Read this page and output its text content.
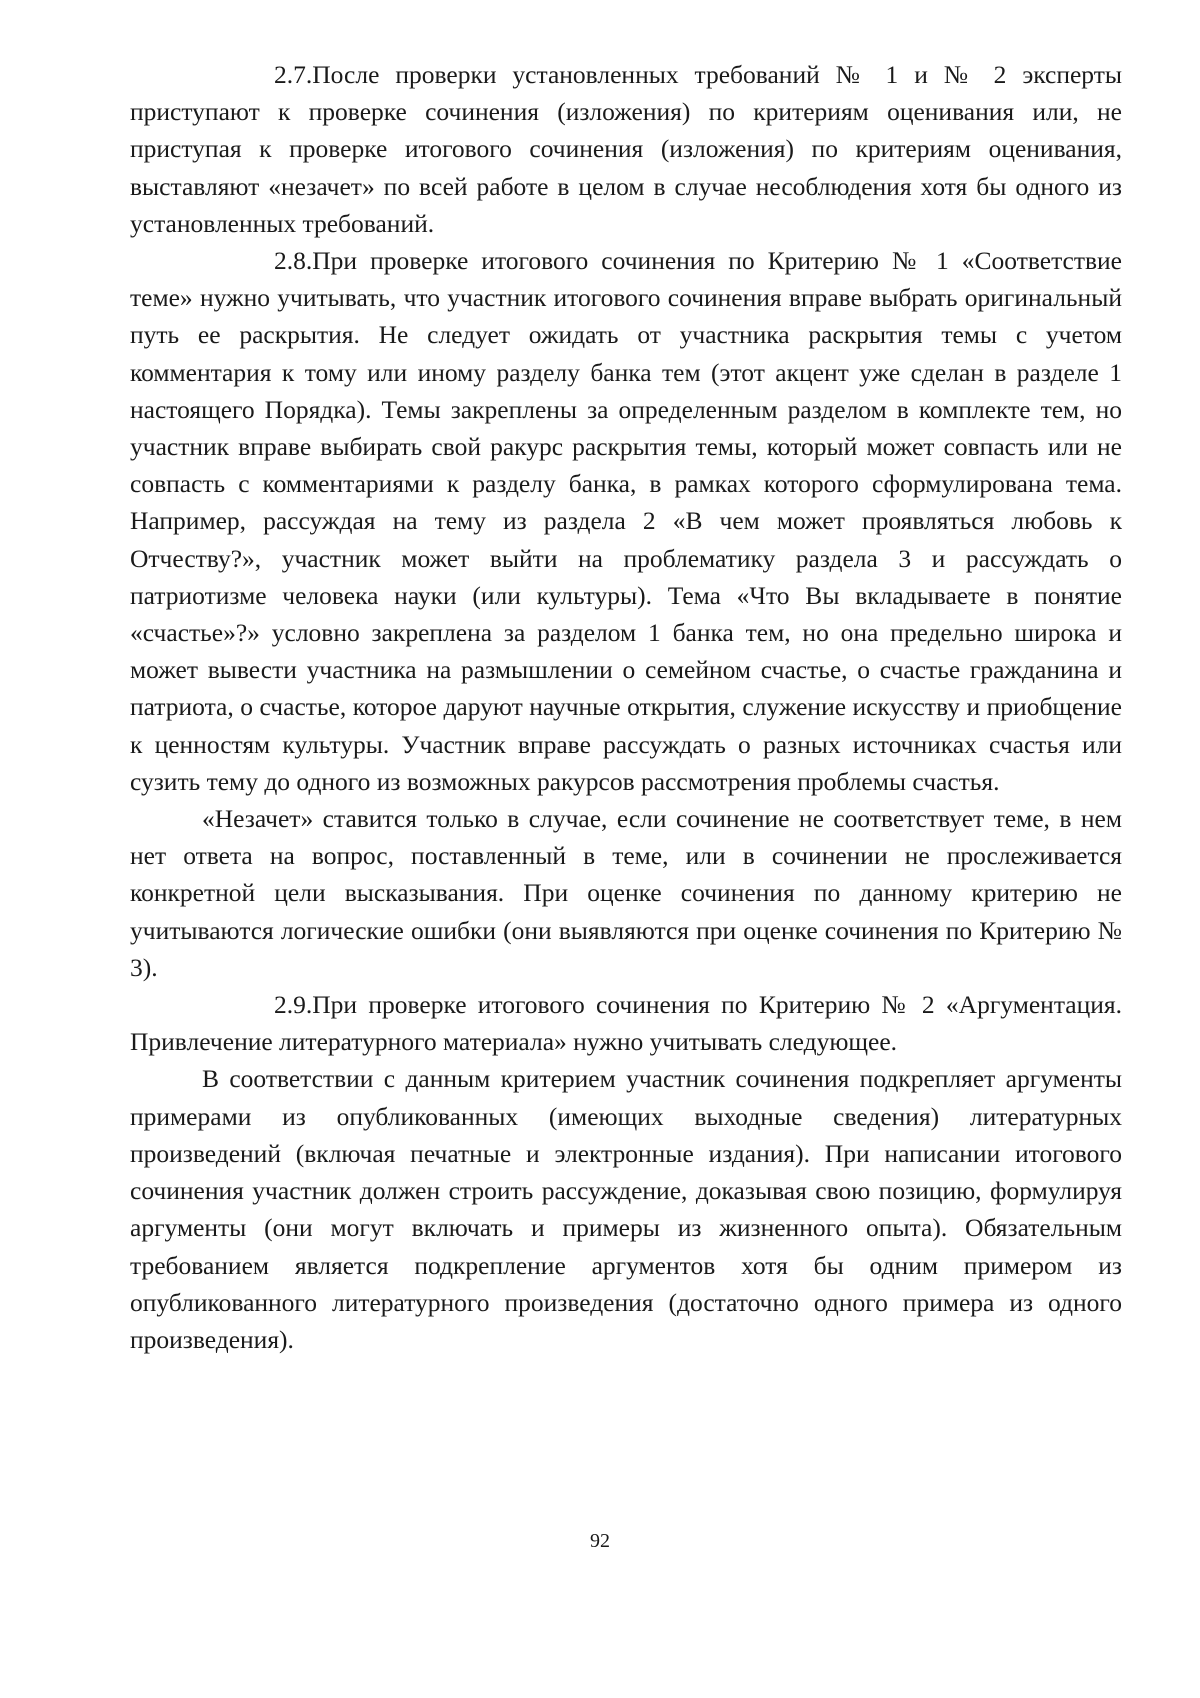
2.7.После проверки установленных требований № 1 и № 2 эксперты приступают к проверке сочинения (изложения) по критериям оценивания или, не приступая к проверке итогового сочинения (изложения) по критериям оценивания, выставляют «незачет» по всей работе в целом в случае несоблюдения хотя бы одного из установленных требований.

2.8.При проверке итогового сочинения по Критерию № 1 «Соответствие теме» нужно учитывать, что участник итогового сочинения вправе выбрать оригинальный путь ее раскрытия. Не следует ожидать от участника раскрытия темы с учетом комментария к тому или иному разделу банка тем (этот акцент уже сделан в разделе 1 настоящего Порядка). Темы закреплены за определенным разделом в комплекте тем, но участник вправе выбирать свой ракурс раскрытия темы, который может совпасть или не совпасть с комментариями к разделу банка, в рамках которого сформулирована тема. Например, рассуждая на тему из раздела 2 «В чем может проявляться любовь к Отчеству?», участник может выйти на проблематику раздела 3 и рассуждать о патриотизме человека науки (или культуры). Тема «Что Вы вкладываете в понятие «счастье»?» условно закреплена за разделом 1 банка тем, но она предельно широка и может вывести участника на размышлении о семейном счастье, о счастье гражданина и патриота, о счастье, которое даруют научные открытия, служение искусству и приобщение к ценностям культуры. Участник вправе рассуждать о разных источниках счастья или сузить тему до одного из возможных ракурсов рассмотрения проблемы счастья.

«Незачет» ставится только в случае, если сочинение не соответствует теме, в нем нет ответа на вопрос, поставленный в теме, или в сочинении не прослеживается конкретной цели высказывания. При оценке сочинения по данному критерию не учитываются логические ошибки (они выявляются при оценке сочинения по Критерию № 3).

2.9.При проверке итогового сочинения по Критерию № 2 «Аргументация. Привлечение литературного материала» нужно учитывать следующее.

В соответствии с данным критерием участник сочинения подкрепляет аргументы примерами из опубликованных (имеющих выходные сведения) литературных произведений (включая печатные и электронные издания). При написании итогового сочинения участник должен строить рассуждение, доказывая свою позицию, формулируя аргументы (они могут включать и примеры из жизненного опыта). Обязательным требованием является подкрепление аргументов хотя бы одним примером из опубликованного литературного произведения (достаточно одного примера из одного произведения).

92
